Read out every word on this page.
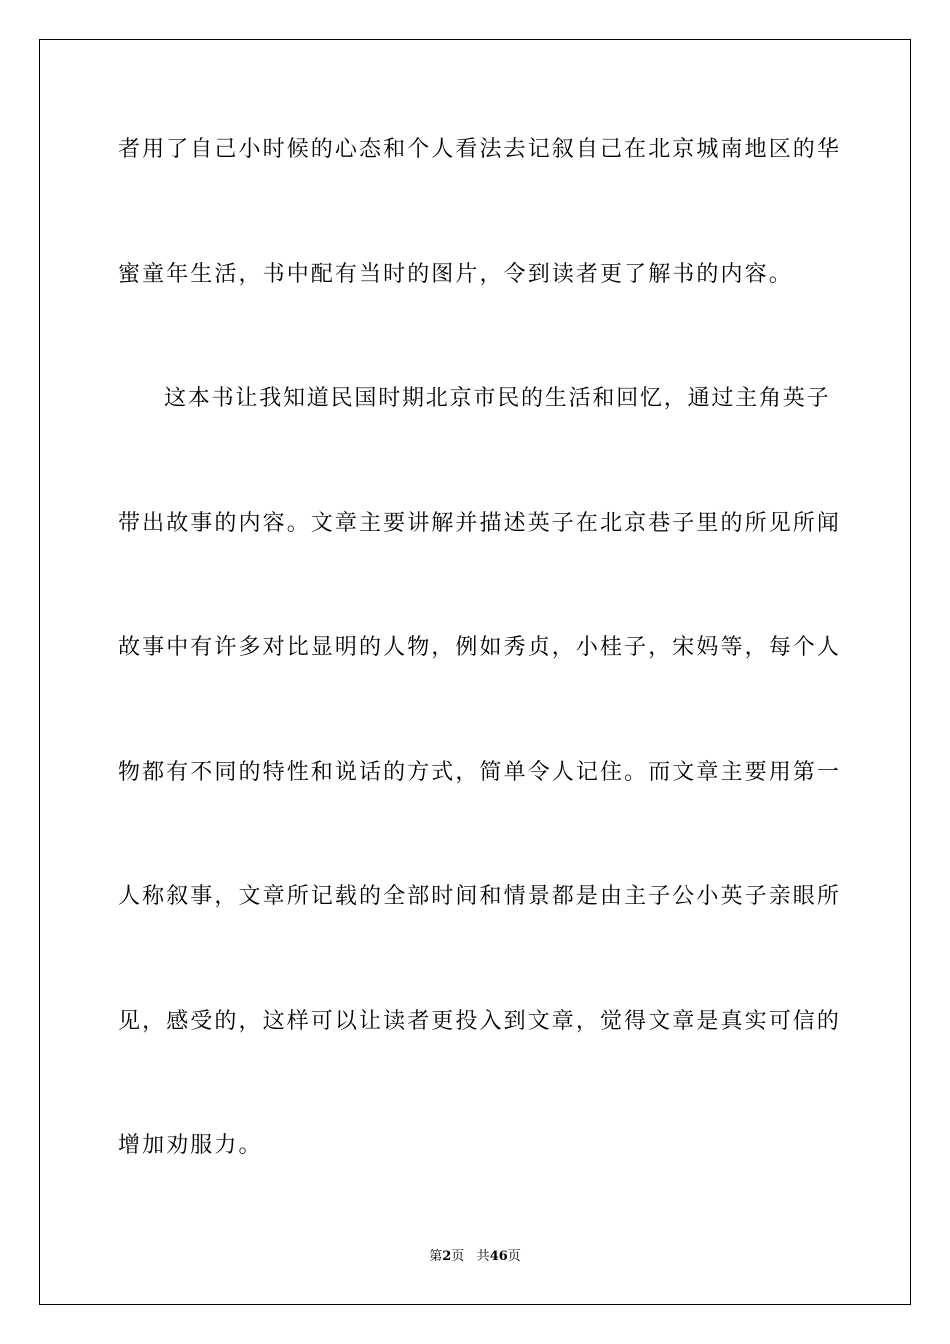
者用了自己小时候的心态和个人看法去记叙自己在北京城南地区的华
蜜童年生活，书中配有当时的图片，令到读者更了解书的内容。
这本书让我知道民国时期北京市民的生活和回忆，通过主角英子
带出故事的内容。文章主要讲解并描述英子在北京巷子里的所见所闻
故事中有许多对比显明的人物，例如秀贞，小桂子，宋妈等，每个人
物都有不同的特性和说话的方式，简单令人记住。而文章主要用第一
人称叙事，文章所记载的全部时间和情景都是由主子公小英子亲眼所
见，感受的，这样可以让读者更投入到文章，觉得文章是真实可信的
增加劝服力。
第2页 共46页
